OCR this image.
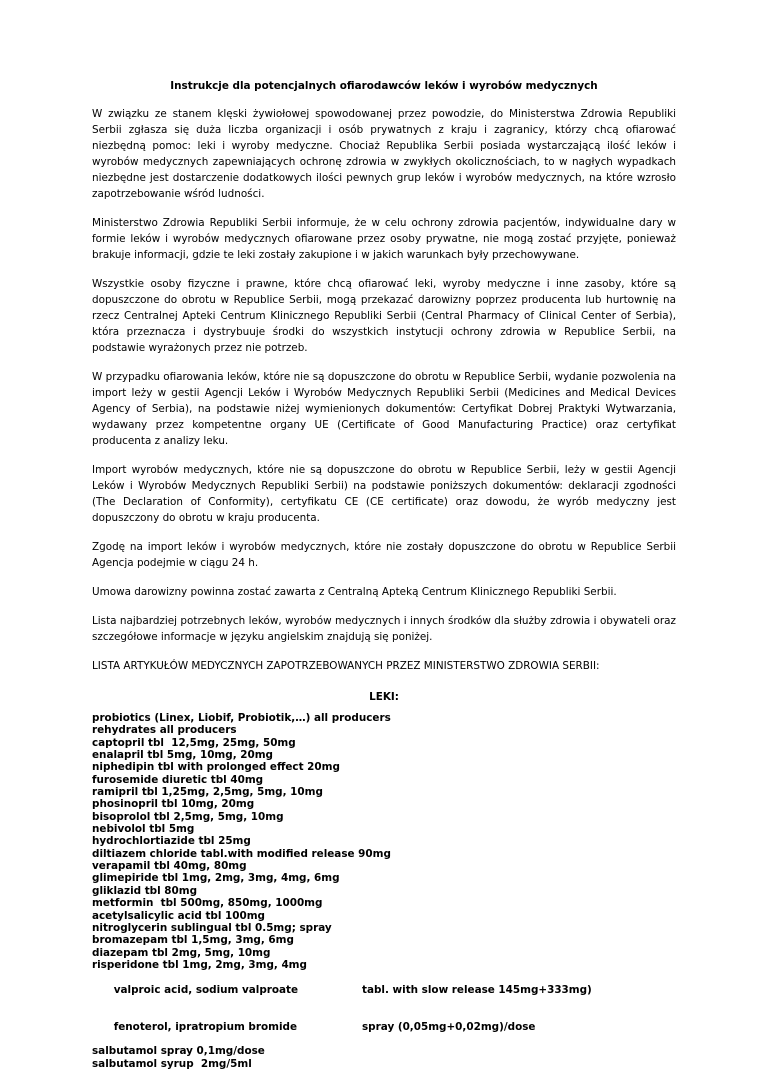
Instrukcje dla potencjalnych ofiarodawców leków i wyrobów medycznych

W związku ze stanem klęski żywiołowej spowodowanej przez powodzie, do Ministerstwa Zdrowia Republiki Serbii zgłasza się duża liczba organizacji i osób prywatnych z kraju i zagranicy, którzy chcą ofiarować niezbędną pomoc: leki i wyroby medyczne. Chociaż Republika Serbii posiada wystarczającą ilość leków i wyrobów medycznych zapewniających ochronę zdrowia w zwykłych okolicznościach, to w nagłych wypadkach niezbędne jest dostarczenie dodatkowych ilości pewnych grup leków i wyrobów medycznych, na które wzrosło zapotrzebowanie wśród ludności.

Ministerstwo Zdrowia Republiki Serbii informuje, że w celu ochrony zdrowia pacjentów, indywidualne dary w formie leków i wyrobów medycznych ofiarowane przez osoby prywatne, nie mogą zostać przyjęte, ponieważ brakuje informacji, gdzie te leki zostały zakupione i w jakich warunkach były przechowywane.

Wszystkie osoby fizyczne i prawne, które chcą ofiarować leki, wyroby medyczne i inne zasoby, które są dopuszczone do obrotu w Republice Serbii, mogą przekazać darowizny poprzez producenta lub hurtownię na rzecz Centralnej Apteki Centrum Klinicznego Republiki Serbii (Central Pharmacy of Clinical Center of Serbia), która przeznacza i dystrybuuje środki do wszystkich instytucji ochrony zdrowia w Republice Serbii, na podstawie wyrażonych przez nie potrzeb.

W przypadku ofiarowania leków, które nie są dopuszczone do obrotu w Republice Serbii, wydanie pozwolenia na import leży w gestii Agencji Leków i Wyrobów Medycznych Republiki Serbii (Medicines and Medical Devices Agency of Serbia), na podstawie niżej wymienionych dokumentów: Certyfikat Dobrej Praktyki Wytwarzania, wydawany przez kompetentne organy UE (Certificate of Good Manufacturing Practice) oraz certyfikat producenta z analizy leku.

Import wyrobów medycznych, które nie są dopuszczone do obrotu w Republice Serbii, leży w gestii Agencji Leków i Wyrobów Medycznych Republiki Serbii) na podstawie poniższych dokumentów: deklaracji zgodności (The Declaration of Conformity), certyfikatu CE (CE certificate) oraz dowodu, że wyrób medyczny jest dopuszczony do obrotu w kraju producenta.

Zgodę na import leków i wyrobów medycznych, które nie zostały dopuszczone do obrotu w Republice Serbii Agencja podejmie w ciągu 24 h.

Umowa darowizny powinna zostać zawarta z Centralną Apteką Centrum Klinicznego Republiki Serbii.

Lista najbardziej potrzebnych leków, wyrobów medycznych i innych środków dla służby zdrowia i obywateli oraz szczegółowe informacje w języku angielskim znajdują się poniżej.

LISTA ARTYKUŁÓW MEDYCZNYCH ZAPOTRZEBOWANYCH PRZEZ MINISTERSTWO ZDROWIA SERBII:

LEKI:
probiotics (Linex, Liobif, Probiotik,…) all producers
rehydrates all producers
captopril tbl  12,5mg, 25mg, 50mg
enalapril tbl 5mg, 10mg, 20mg
niphedipin tbl with prolonged effect 20mg
furosemide diuretic tbl 40mg
ramipril tbl 1,25mg, 2,5mg, 5mg, 10mg
phosinopril tbl 10mg, 20mg
bisoprolol tbl 2,5mg, 5mg, 10mg
nebivolol tbl 5mg
hydrochlortiazide tbl 25mg
diltiazem chloride tabl.with modified release 90mg
verapamil tbl 40mg, 80mg
glimepiride tbl 1mg, 2mg, 3mg, 4mg, 6mg
gliklazid tbl 80mg
metformin  tbl 500mg, 850mg, 1000mg
acetylsalicylic acid tbl 100mg
nitroglycerin sublingual tbl 0.5mg; spray
bromazepam tbl 1,5mg, 3mg, 6mg
diazepam tbl 2mg, 5mg, 10mg
risperidone tbl 1mg, 2mg, 3mg, 4mg

valproic acid, sodium valproate	tabl. with slow release 145mg+333mg)

fenoterol, ipratropium bromide	spray (0,05mg+0,02mg)/dose

salbutamol spray 0,1mg/dose
salbutamol syrup  2mg/5ml
